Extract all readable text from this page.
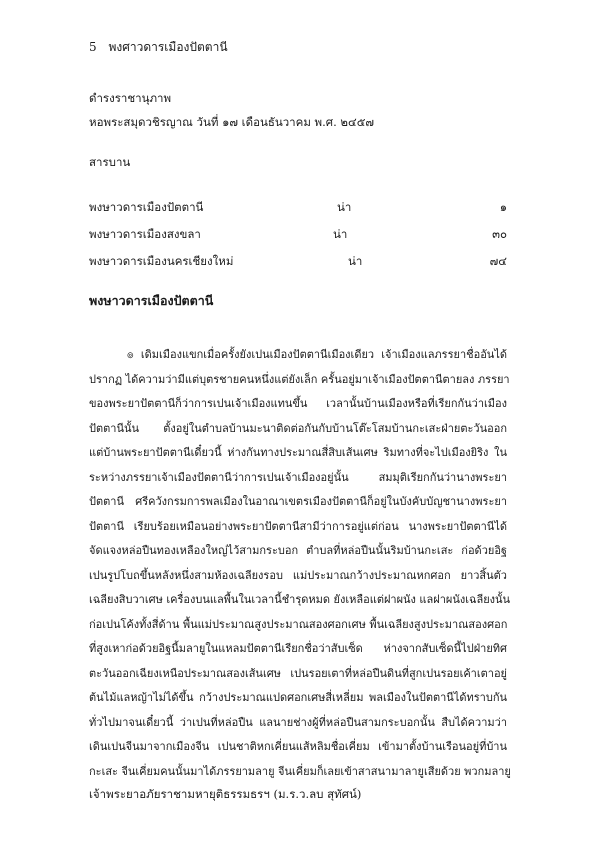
5 พงศาวดารเมืองปัตตานี
ดำรงราชานุภาพ
หอพระสมุดวชิรญาณ วันที่ ๑๗ เดือนธันวาคม พ.ศ. ๒๔๕๗
สารบาน
พงษาวดารเมืองปัตตานี	น่า	๑
พงษาวดารเมืองสงขลา	น่า	๓๐
พงษาวดารเมืองนครเชียงใหม่	น่า	๗๔
พงษาวดารเมืองปัตตานี
๏ เดิมเมืองแขกเมื่อครั้งยังเปนเมืองปัตตานีเมืองเดียว เจ้าเมืองแลภรรยาชื่ออันได้
ปรากฏ ได้ความว่ามีแต่บุตรชายคนหนึ่งแต่ยังเล็ก ครั้นอยู่มาเจ้าเมืองปัตตานีตายลง ภรรยา
ของพระยาปัตตานีก็ว่าการเปนเจ้าเมืองแทนขึ้น เวลานั้นบ้านเมืองหรือที่เรียกกันว่าเมือง
ปัตตานีนั้น ตั้งอยู่ในตำบลบ้านมะนาติดต่อกันกับบ้านโต๊ะโสมบ้านกะเสะฝ่ายตะวันออก
แต่บ้านพระยาปัตตานีเดี๋ยวนี้ ห่างกันทางประมาณสี่สิบเส้นเศษ ริมทางที่จะไปเมืองยิริง ใน
ระหว่างภรรยาเจ้าเมืองปัตตานีว่าการเปนเจ้าเมืองอยู่นั้น สมมุติเรียกกันว่านางพระยา
ปัตตานี ศรีควังกรมการพลเมืองในอาณาเขตรเมืองปัตตานีก็อยู่ในบังคับบัญชานางพระยา
ปัตตานี เรียบร้อยเหมือนอย่างพระยาปัตตานีสามีว่าการอยู่แต่ก่อน นางพระยาปัตตานีได้
จัดแจงหล่อปืนทองเหลืองใหญ่ไว้สามกระบอก ตำบลที่หล่อปืนนั้นริมบ้านกะเสะ ก่อด้วยอิฐ
เปนรูปโบถขึ้นหลังหนึ่งสามห้องเฉลียงรอบ แม่ประมาณกว้างประมาณหกศอก ยาวสิ้นตัว
เฉลียงสิบวาเศษ เครื่องบนแลพื้นในเวลานี้ชำรุดหมด ยังเหลือแต่ฝาผนัง แลฝาผนังเฉลียงนั้น
ก่อเปนโค้งทั้งสี่ด้าน พื้นแม่ประมาณสูงประมาณสองศอกเศษ พื้นเฉลียงสูงประมาณสองศอก
ที่สูงเหาก่อด้วยอิฐนี้มลายูในแหลมปัตตานีเรียกชื่อว่าสับเซ็ด ห่างจากสับเซ็ดนี้ไปฝ่ายทิศ
ตะวันออกเฉียงเหนือประมาณสองเส้นเศษ เปนรอยเตาที่หล่อปืนดินที่สูกเปนรอยเค้าเตาอยู่
ต้นไม้แลหญ้าไม่ได้ขึ้น กว้างประมาณแปดศอกเศษสี่เหลี่ยม พลเมืองในปัตตานีได้ทราบกัน
ทั่วไปมาจนเดี๋ยวนี้ ว่าเปนที่หล่อปืน แลนายช่างผู้ที่หล่อปืนสามกระบอกนั้น สืบได้ความว่า
เดินเปนจีนมาจากเมืองจีน เปนชาติหกเคี่ยนแส้หลิมชื่อเคี่ยม เข้ามาตั้งบ้านเรือนอยู่ที่บ้าน
กะเสะ จีนเคี่ยมคนนั้นมาได้ภรรยามลายู จีนเคี่ยมก็เลยเข้าสาสนามาลายูเสียด้วย พวกมลายู
เจ้าพระยาอภัยราชามหายุติธรรมธรฯ (ม.ร.ว.ลบ สุทัศน์)
